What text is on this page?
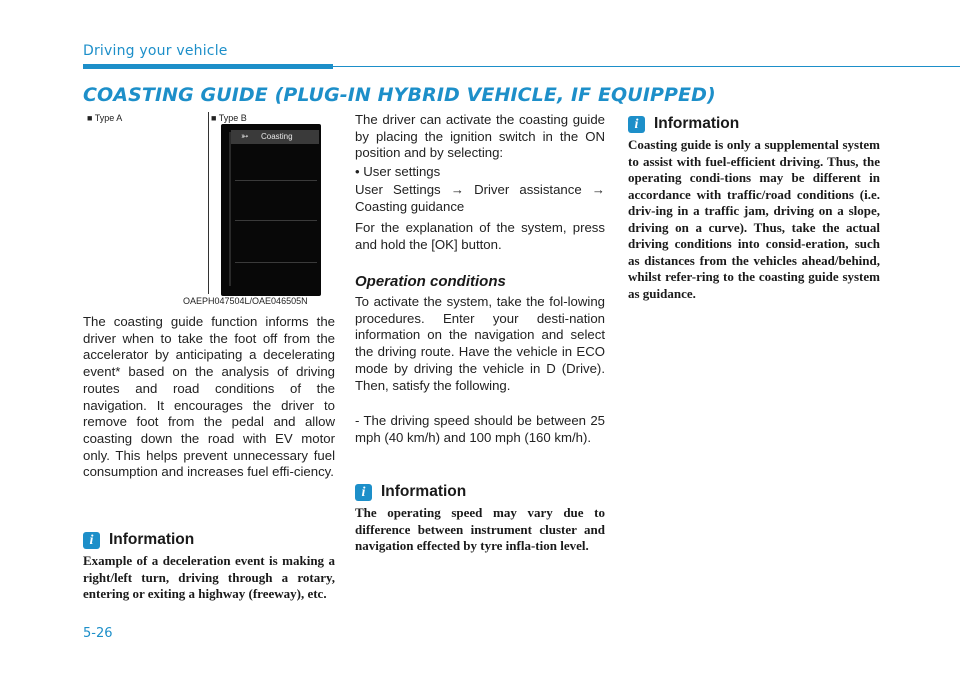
Driving your vehicle
COASTING GUIDE (PLUG-IN HYBRID VEHICLE, IF EQUIPPED)
■ Type A	■ Type B
➳ Coasting
OAEPH047504L/OAE046505N

The coasting guide function informs the driver when to take the foot off from the accelerator by anticipating a decelerating event* based on the analysis of driving routes and road conditions of the navigation. It encourages the driver to remove foot from the pedal and allow coasting down the road with EV motor only. This helps prevent unnecessary fuel consumption and increases fuel effi-ciency.

i	Information

Example of a deceleration event is making a right/left turn, driving through a rotary, entering or exiting a highway (freeway), etc.

The driver can activate the coasting guide by placing the ignition switch in the ON position and by selecting:

• User settings

User Settings → Driver assistance → Coasting guidance

For the explanation of the system, press and hold the [OK] button.

Operation conditions

To activate the system, take the fol-lowing procedures. Enter your desti-nation information on the navigation and select the driving route. Have the vehicle in ECO mode by driving the vehicle in D (Drive). Then, satisfy the following.

- The driving speed should be between 25 mph (40 km/h) and 100 mph (160 km/h).

i	Information

The operating speed may vary due to difference between instrument cluster and navigation effected by tyre infla-tion level.

i	Information

Coasting guide is only a supplemental system to assist with fuel-efficient driving. Thus, the operating condi-tions may be different in accordance with traffic/road conditions (i.e. driv-ing in a traffic jam, driving on a slope, driving on a curve). Thus, take the actual driving conditions into consid-eration, such as distances from the vehicles ahead/behind, whilst refer-ring to the coasting guide system as guidance.

5-26
